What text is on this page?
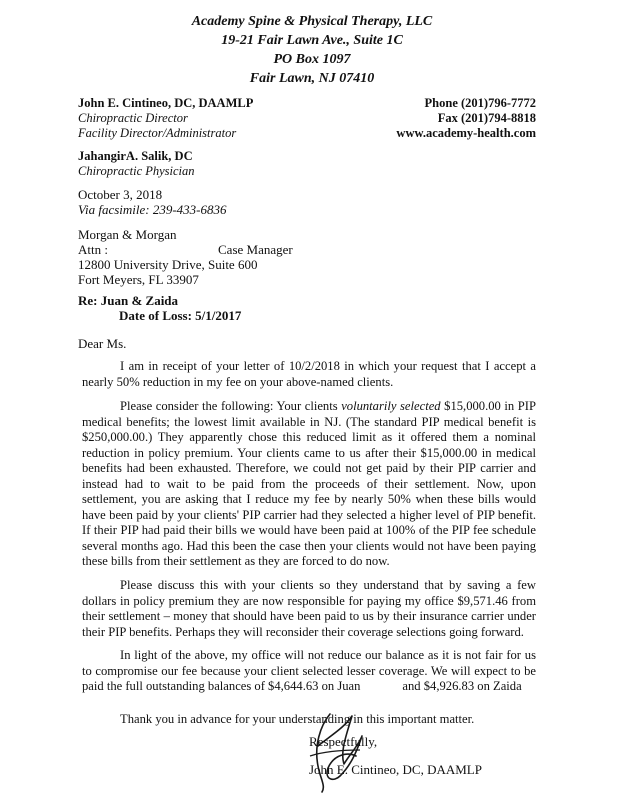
Academy Spine & Physical Therapy, LLC
19-21 Fair Lawn Ave., Suite 1C
PO Box 1097
Fair Lawn, NJ 07410
John E. Cintineo, DC, DAAMLP
Chiropractic Director
Facility Director/Administrator
Phone (201)796-7772
Fax (201)794-8818
www.academy-health.com
JahangirA. Salik, DC
Chiropractic Physician
October 3, 2018
Via facsimile: 239-433-6836
Morgan & Morgan
Attn :	Case Manager
12800 University Drive, Suite 600
Fort Meyers, FL 33907
Re: Juan & Zaida
Date of Loss: 5/1/2017
Dear Ms.
I am in receipt of your letter of 10/2/2018 in which your request that I accept a nearly 50% reduction in my fee on your above-named clients.
Please consider the following: Your clients voluntarily selected $15,000.00 in PIP medical benefits; the lowest limit available in NJ. (The standard PIP medical benefit is $250,000.00.) They apparently chose this reduced limit as it offered them a nominal reduction in policy premium. Your clients came to us after their $15,000.00 in medical benefits had been exhausted. Therefore, we could not get paid by their PIP carrier and instead had to wait to be paid from the proceeds of their settlement. Now, upon settlement, you are asking that I reduce my fee by nearly 50% when these bills would have been paid by your clients' PIP carrier had they selected a higher level of PIP benefit. If their PIP had paid their bills we would have been paid at 100% of the PIP fee schedule several months ago. Had this been the case then your clients would not have been paying these bills from their settlement as they are forced to do now.
Please discuss this with your clients so they understand that by saving a few dollars in policy premium they are now responsible for paying my office $9,571.46 from their settlement – money that should have been paid to us by their insurance carrier under their PIP benefits. Perhaps they will reconsider their coverage selections going forward.
In light of the above, my office will not reduce our balance as it is not fair for us to compromise our fee because your client selected lesser coverage. We will expect to be paid the full outstanding balances of $4,644.63 on Juan	and $4,926.83 on Zaida
Thank you in advance for your understanding in this important matter.
Respectfully,
John E. Cintineo, DC, DAAMLP
